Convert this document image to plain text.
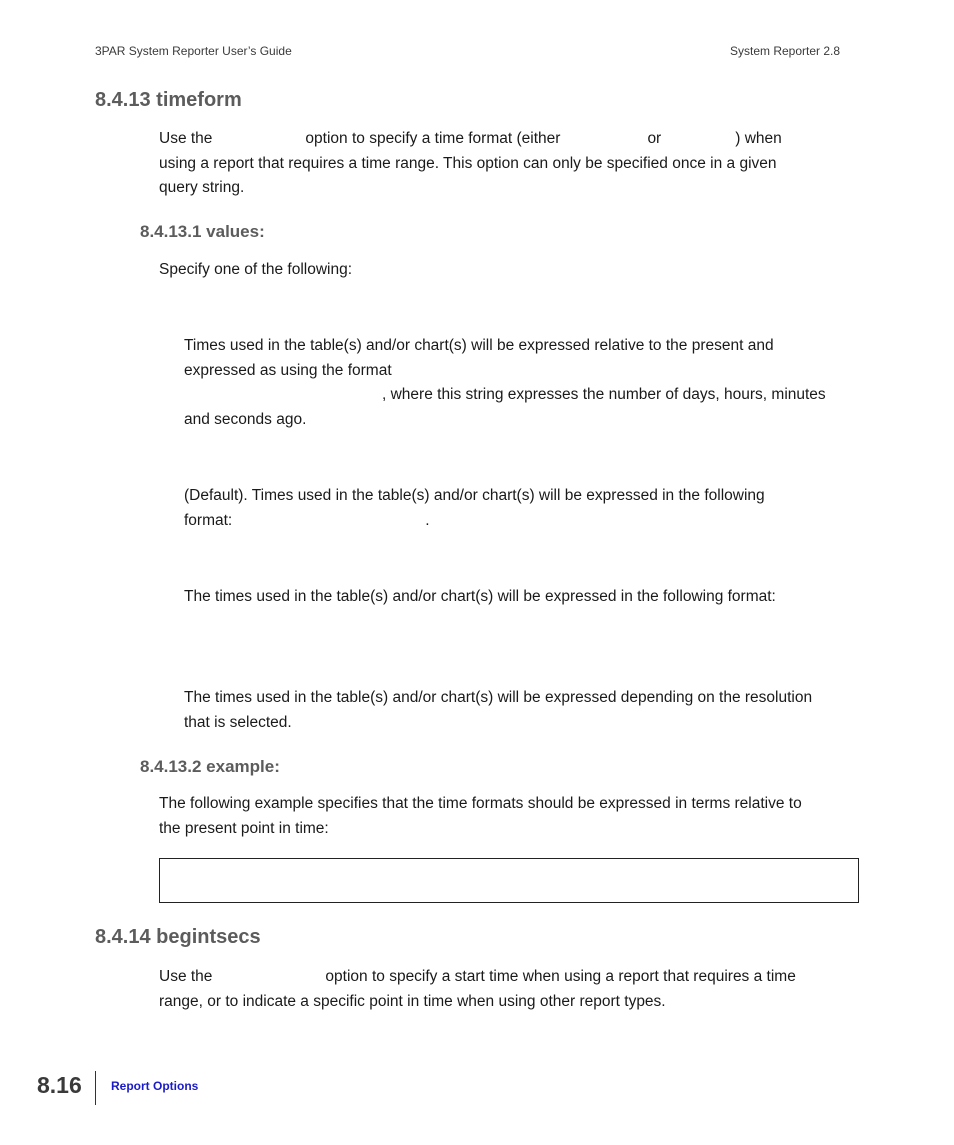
3PAR System Reporter User’s Guide	System Reporter 2.8
8.4.13 timeform

Use the	option to specify a time format (either	or	) when

using a report that requires a time range. This option can only be specified once in a given

query string.

8.4.13.1 values:

Specify one of the following:

Times used in the table(s) and/or chart(s) will be expressed relative to the present and

expressed as using the format

, where this string expresses the number of days, hours, minutes

and seconds ago.

(Default). Times used in the table(s) and/or chart(s) will be expressed in the following

format:	.

The times used in the table(s) and/or chart(s) will be expressed in the following format:

The times used in the table(s) and/or chart(s) will be expressed depending on the resolution

that is selected.

8.4.13.2 example:

The following example specifies that the time formats should be expressed in terms relative to

the present point in time:

8.4.14 begintsecs

Use the	option to specify a start time when using a report that requires a time

range, or to indicate a specific point in time when using other report types.

8.16 Report Options
